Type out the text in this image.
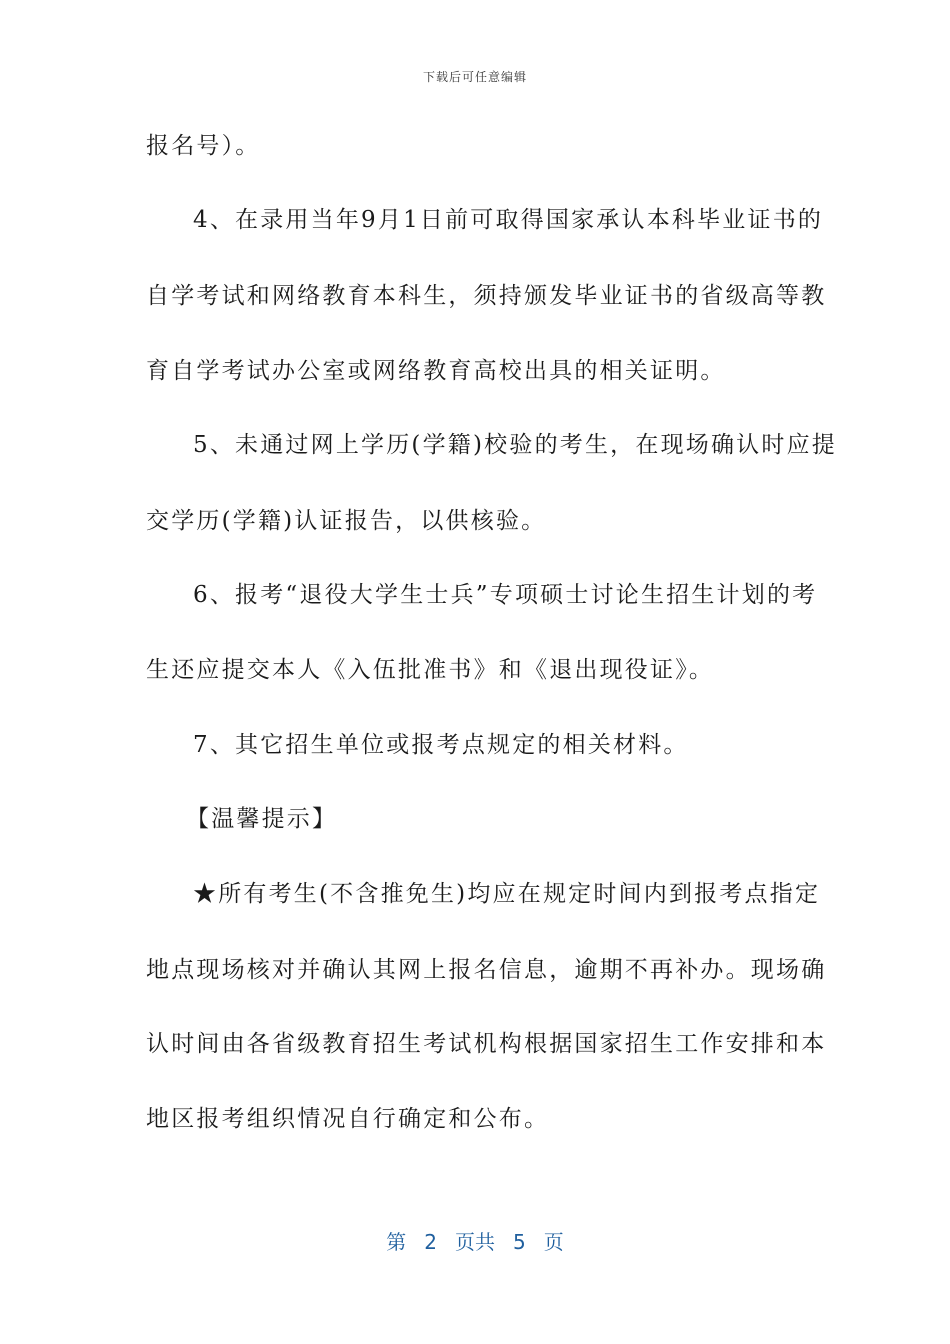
下载后可任意编辑
报名号）。
4、在录用当年9月1日前可取得国家承认本科毕业证书的
自学考试和网络教育本科生，须持颁发毕业证书的省级高等教
育自学考试办公室或网络教育高校出具的相关证明。
5、未通过网上学历(学籍)校验的考生，在现场确认时应提
交学历(学籍)认证报告，以供核验。
6、报考“退役大学生士兵”专项硕士讨论生招生计划的考
生还应提交本人《入伍批准书》和《退出现役证》。
7、其它招生单位或报考点规定的相关材料。
【温馨提示】
★所有考生(不含推免生)均应在规定时间内到报考点指定
地点现场核对并确认其网上报名信息，逾期不再补办。现场确
认时间由各省级教育招生考试机构根据国家招生工作安排和本
地区报考组织情况自行确定和公布。
第 2 页共 5 页
